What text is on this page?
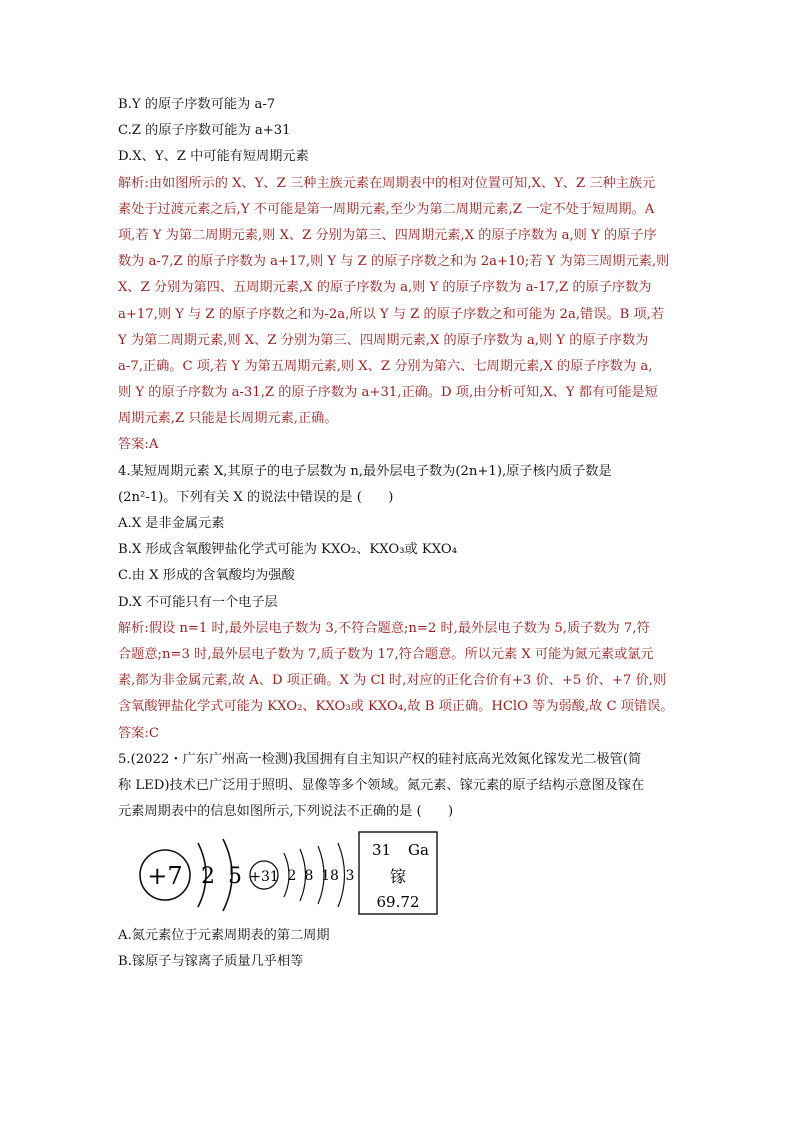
B.Y 的原子序数可能为 a-7
C.Z 的原子序数可能为 a+31
D.X、Y、Z 中可能有短周期元素
解析:由如图所示的 X、Y、Z 三种主族元素在周期表中的相对位置可知,X、Y、Z 三种主族元
素处于过渡元素之后,Y 不可能是第一周期元素,至少为第二周期元素,Z 一定不处于短周期。A
项,若 Y 为第二周期元素,则 X、Z 分别为第三、四周期元素,X 的原子序数为 a,则 Y 的原子序
数为 a-7,Z 的原子序数为 a+17,则 Y 与 Z 的原子序数之和为 2a+10;若 Y 为第三周期元素,则
X、Z 分别为第四、五周期元素,X 的原子序数为 a,则 Y 的原子序数为 a-17,Z 的原子序数为
a+17,则 Y 与 Z 的原子序数之和为-2a,所以 Y 与 Z 的原子序数之和可能为 2a,错误。B 项,若
Y 为第二周期元素,则 X、Z 分别为第三、四周期元素,X 的原子序数为 a,则 Y 的原子序数为
a-7,正确。C 项,若 Y 为第五周期元素,则 X、Z 分别为第六、七周期元素,X 的原子序数为 a,
则 Y 的原子序数为 a-31,Z 的原子序数为 a+31,正确。D 项,由分析可知,X、Y 都有可能是短
周期元素,Z 只能是长周期元素,正确。
答案:A
4.某短周期元素 X,其原子的电子层数为 n,最外层电子数为(2n+1),原子核内质子数是
(2n²-1)。下列有关 X 的说法中错误的是 (　　)
A.X 是非金属元素
B.X 形成含氧酸钾盐化学式可能为 KXO₂、KXO₃或 KXO₄
C.由 X 形成的含氧酸均为强酸
D.X 不可能只有一个电子层
解析:假设 n=1 时,最外层电子数为 3,不符合题意;n=2 时,最外层电子数为 5,质子数为 7,符
合题意;n=3 时,最外层电子数为 7,质子数为 17,符合题意。所以元素 X 可能为氮元素或氯元
素,都为非金属元素,故 A、D 项正确。X 为 Cl 时,对应的正化合价有+3 价、+5 价、+7 价,则
含氧酸钾盐化学式可能为 KXO₂、KXO₃或 KXO₄,故 B 项正确。HClO 等为弱酸,故 C 项错误。
答案:C
5.(2022・广东广州高一检测)我国拥有自主知识产权的硅衬底高光效氮化镓发光二极管(简
称 LED)技术已广泛用于照明、显像等多个领域。氮元素、镓元素的原子结构示意图及镓在
元素周期表中的信息如图所示,下列说法不正确的是 (　　)
+7 2 5 +31 2 8 18 3
31 Ga
镓
69.72
A.氮元素位于元素周期表的第二周期
B.镓原子与镓离子质量几乎相等
